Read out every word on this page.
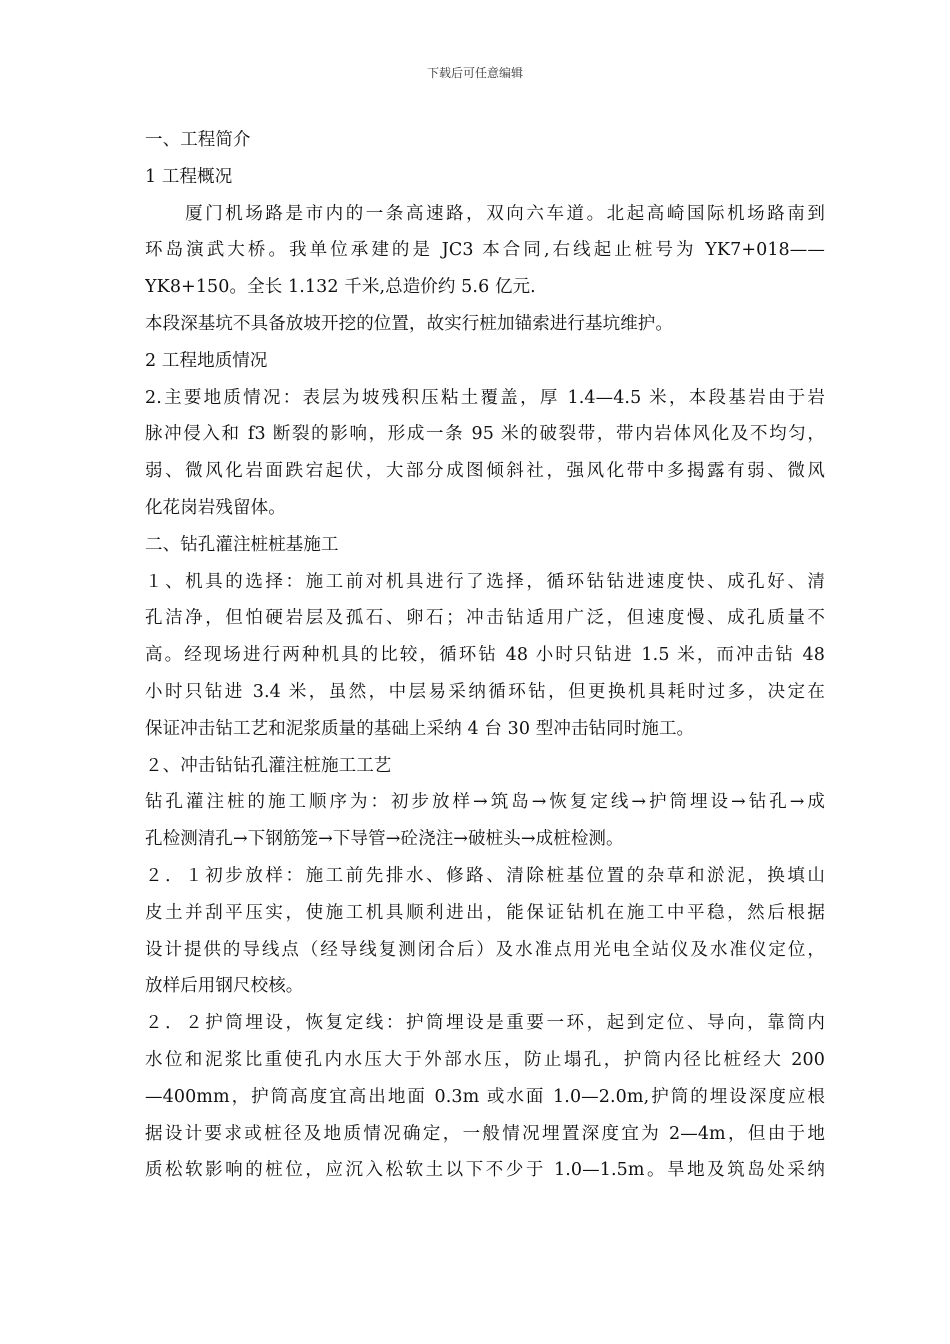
下载后可任意编辑
一、工程简介
1 工程概况
　　厦门机场路是市内的一条高速路，双向六车道。北起高崎国际机场路南到
环岛演武大桥。我单位承建的是 JC3 本合同,右线起止桩号为 YK7+018——
YK8+150。全长 1.132 千米,总造价约 5.6 亿元.
本段深基坑不具备放坡开挖的位置，故实行桩加锚索进行基坑维护。
2 工程地质情况
2.主要地质情况：表层为坡残积压粘土覆盖，厚 1.4—4.5 米，本段基岩由于岩
脉冲侵入和 f3 断裂的影响，形成一条 95 米的破裂带，带内岩体风化及不均匀，
弱、微风化岩面跌宕起伏，大部分成图倾斜社，强风化带中多揭露有弱、微风
化花岗岩残留体。
二、钻孔灌注桩桩基施工
１、机具的选择：施工前对机具进行了选择，循环钻钻进速度快、成孔好、清
孔洁净，但怕硬岩层及孤石、卵石；冲击钻适用广泛，但速度慢、成孔质量不
高。经现场进行两种机具的比较，循环钻 48 小时只钻进 1.5 米，而冲击钻 48
小时只钻进 3.4 米，虽然，中层易采纳循环钻，但更换机具耗时过多，决定在
保证冲击钻工艺和泥浆质量的基础上采纳 4 台 30 型冲击钻同时施工。
２、冲击钻钻孔灌注桩施工工艺
钻孔灌注桩的施工顺序为：初步放样→筑岛→恢复定线→护筒埋设→钻孔→成
孔检测清孔→下钢筋笼→下导管→砼浇注→破桩头→成桩检测。
２．１初步放样：施工前先排水、修路、清除桩基位置的杂草和淤泥，换填山
皮土并刮平压实，使施工机具顺利进出，能保证钻机在施工中平稳，然后根据
设计提供的导线点（经导线复测闭合后）及水准点用光电全站仪及水准仪定位，
放样后用钢尺校核。
２．２护筒埋设，恢复定线：护筒埋设是重要一环，起到定位、导向，靠筒内
水位和泥浆比重使孔内水压大于外部水压，防止塌孔，护筒内径比桩经大 200
—400mm，护筒高度宜高出地面 0.3m 或水面 1.0—2.0m,护筒的埋设深度应根
据设计要求或桩径及地质情况确定，一般情况埋置深度宜为 2—4m，但由于地
质松软影响的桩位，应沉入松软土以下不少于 1.0—1.5m。旱地及筑岛处采纳
